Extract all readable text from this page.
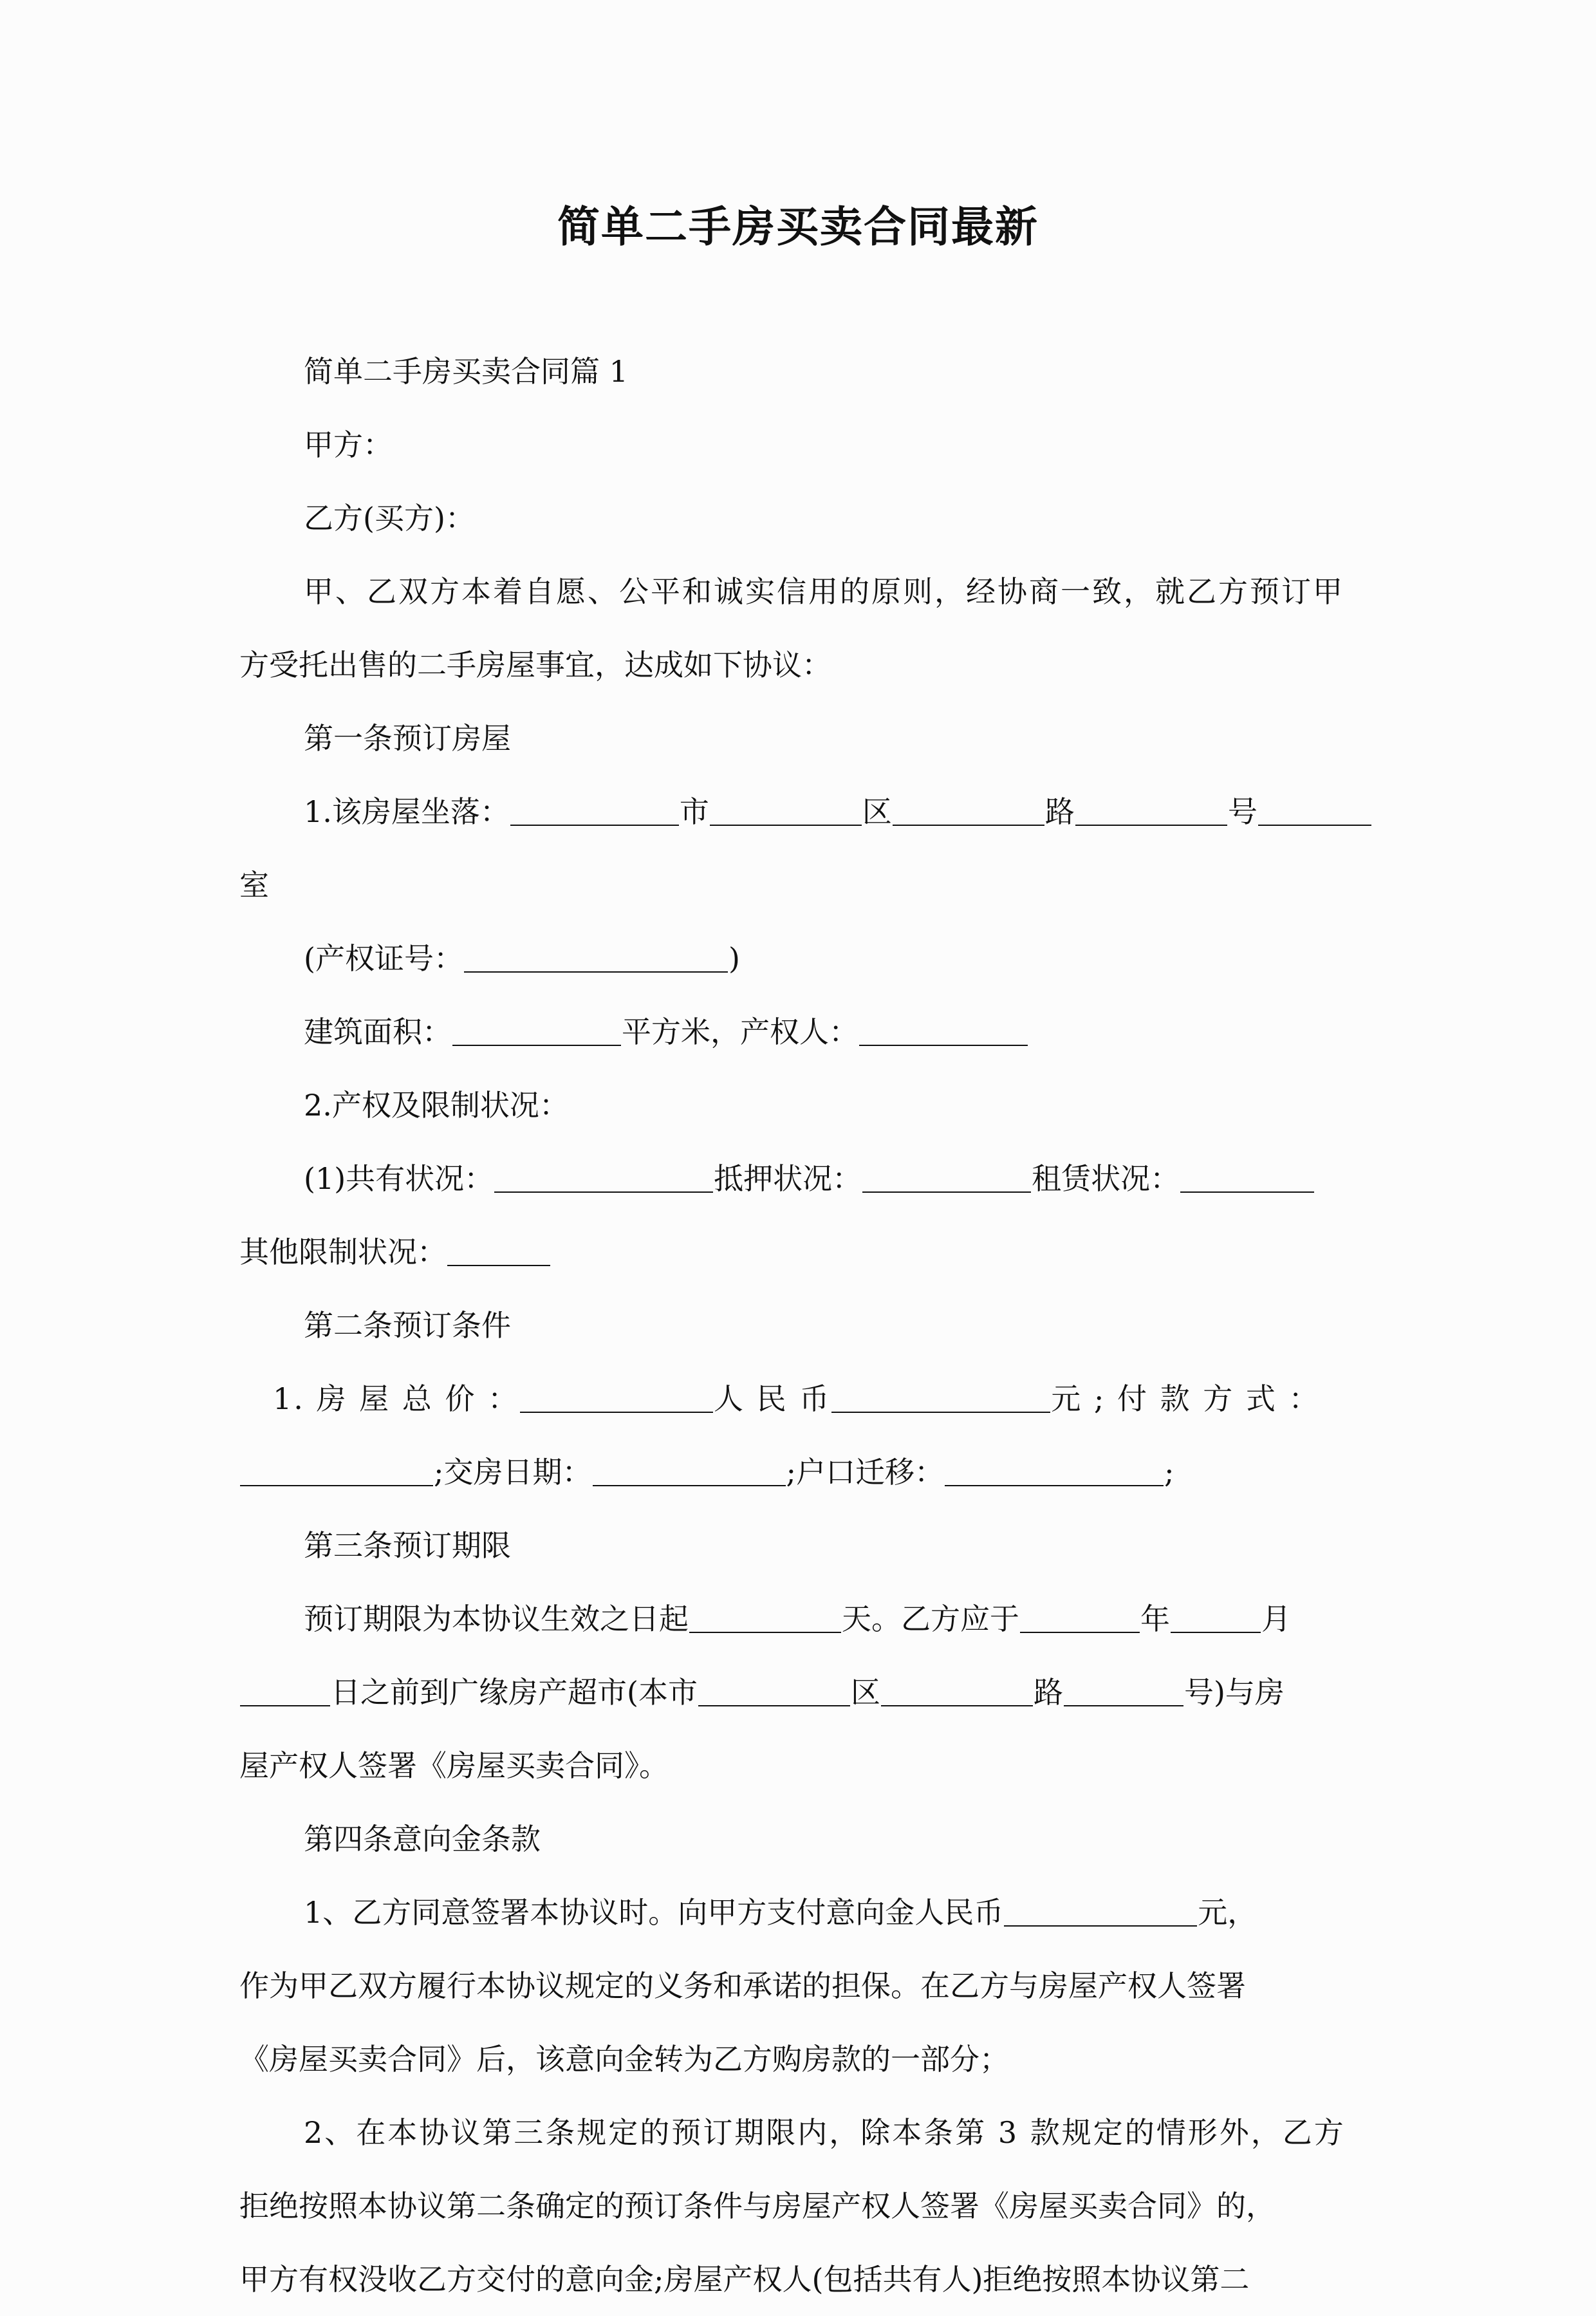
简单二手房买卖合同最新
简单二手房买卖合同篇 1
甲方：
乙方(买方)：
甲、乙双方本着自愿、公平和诚实信用的原则，经协商一致，就乙方预订甲
方受托出售的二手房屋事宜，达成如下协议：
第一条预订房屋
1.该房屋坐落：	市	区	路	号
室
(产权证号：	)
建筑面积：	平方米，产权人：
2.产权及限制状况：
(1)共有状况：	抵押状况：	租赁状况：
其他限制状况：
第二条预订条件
1. 房 屋 总 价 ：	人 民 币	元 ; 付 款 方 式 ：
;交房日期：	;户口迁移：	;
第三条预订期限
预订期限为本协议生效之日起	天。乙方应于	年	月
日之前到广缘房产超市(本市	区	路	号)与房
屋产权人签署《房屋买卖合同》。
第四条意向金条款
1、乙方同意签署本协议时。向甲方支付意向金人民币	元，
作为甲乙双方履行本协议规定的义务和承诺的担保。在乙方与房屋产权人签署
《房屋买卖合同》后，该意向金转为乙方购房款的一部分；
2、在本协议第三条规定的预订期限内，除本条第 3 款规定的情形外，乙方
拒绝按照本协议第二条确定的预订条件与房屋产权人签署《房屋买卖合同》的，
甲方有权没收乙方交付的意向金;房屋产权人(包括共有人)拒绝按照本协议第二
